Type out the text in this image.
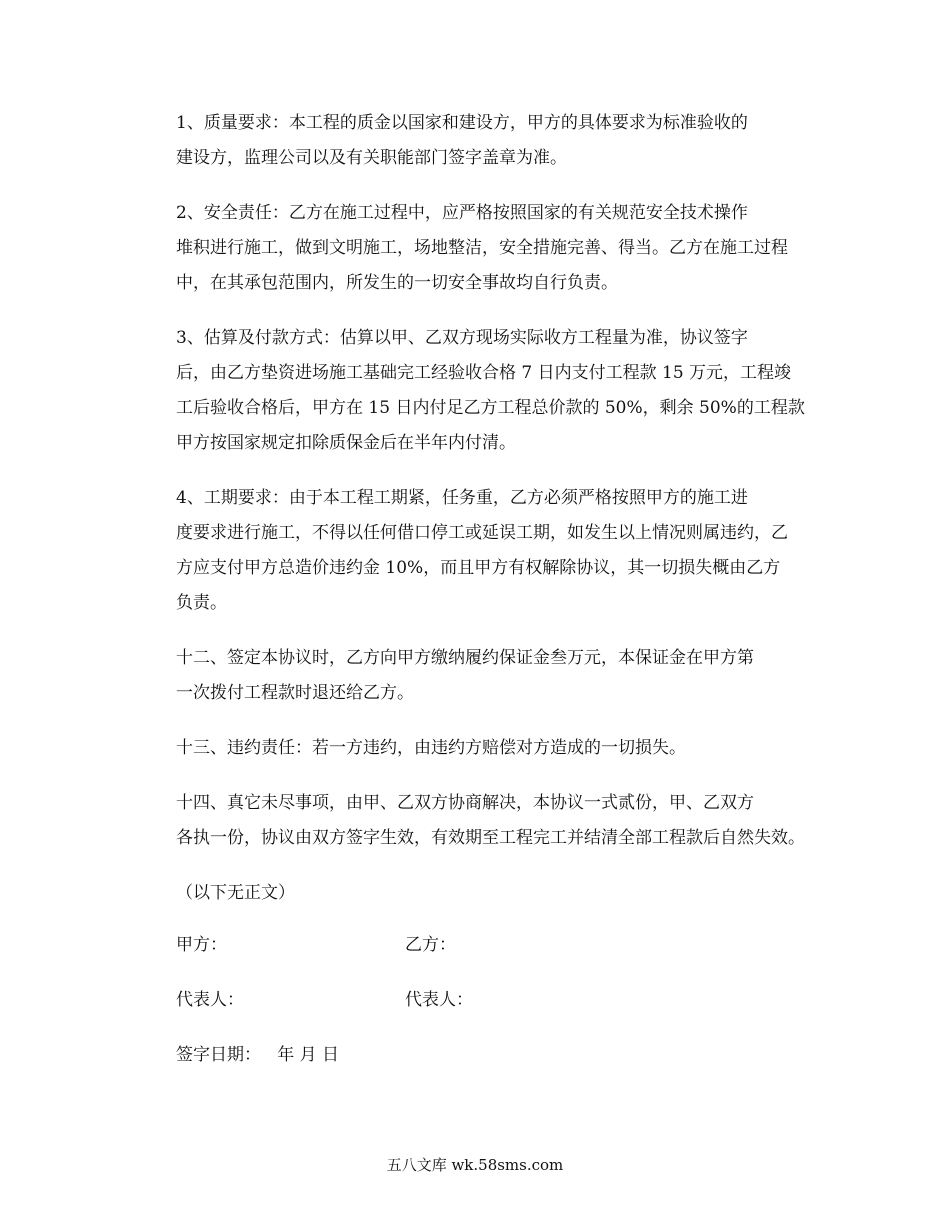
1、质量要求：本工程的质金以国家和建设方，甲方的具体要求为标准验收的
建设方，监理公司以及有关职能部门签字盖章为准。

2、安全责任：乙方在施工过程中，应严格按照国家的有关规范安全技术操作
堆积进行施工，做到文明施工，场地整洁，安全措施完善、得当。乙方在施工过程
中，在其承包范围内，所发生的一切安全事故均自行负责。

3、估算及付款方式：估算以甲、乙双方现场实际收方工程量为准，协议签字
后，由乙方垫资进场施工基础完工经验收合格 7 日内支付工程款 15 万元，工程竣
工后验收合格后，甲方在 15 日内付足乙方工程总价款的 50%，剩余 50%的工程款
甲方按国家规定扣除质保金后在半年内付清。

4、工期要求：由于本工程工期紧，任务重，乙方必须严格按照甲方的施工进
度要求进行施工，不得以任何借口停工或延误工期，如发生以上情况则属违约，乙
方应支付甲方总造价违约金 10%，而且甲方有权解除协议，其一切损失概由乙方
负责。

十二、签定本协议时，乙方向甲方缴纳履约保证金叁万元，本保证金在甲方第
一次拨付工程款时退还给乙方。

十三、违约责任：若一方违约，由违约方赔偿对方造成的一切损失。

十四、真它未尽事项，由甲、乙双方协商解决，本协议一式贰份，甲、乙双方
各执一份，协议由双方签字生效，有效期至工程完工并结清全部工程款后自然失效。

（以下无正文）

甲方：	乙方：
代表人：	代表人：
签字日期：   年 月 日
五八文库 wk.58sms.com
